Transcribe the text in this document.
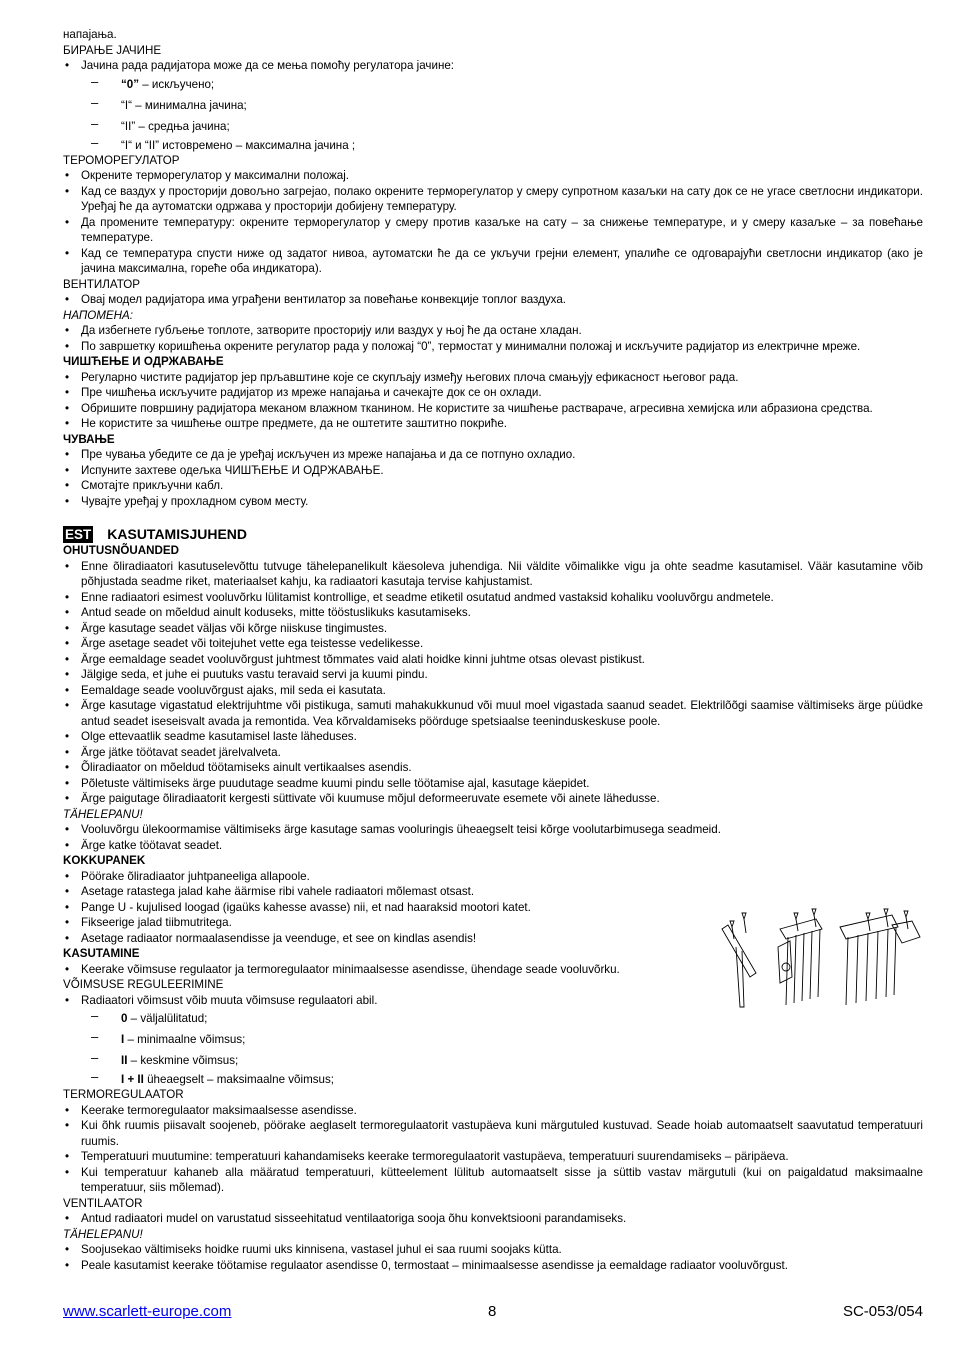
напајања.
БИРАЊЕ ЈАЧИНЕ
• Јачина рада радијатора може да се мења помоћу регулатора јачине:
– “0” – искључено;
– “I“ – минимална јачина;
– “II” – средња јачина;
– “I“ и “II” истовремено – максимална јачина ;
ТЕРОМОРЕГУЛАТОР
• Окрените терморегулатор у максимални положај.
• Кад се ваздух у просторији довољно загрејао, полако окрените терморегулатор у смеру супротном казаљки на сату док се не угасе светлосни индикатори. Уређај ће да аутоматски одржава у просторији добијену температуру.
• Да промените температуру: окрените терморегулатор у смеру против казаљке на сату – за снижење температуре, и у смеру казаљке – за повећање температуре.
• Кад се температура спусти ниже од задатог нивоа, аутоматски ће да се укључи грејни елемент, упалиће се одговарајући светлосни индикатор (ако је јачина максимална, гореће оба индикатора).
ВЕНТИЛАТОР
• Овај модел радијатора има уграђени вентилатор за повећање конвекције топлог ваздуха.
НАПОМЕНА:
• Да избегнете губљење топлоте, затворите просторију или ваздух у њој ће да остане хладан.
• По завршетку коришћења окрените регулатор рада у положај “0”, термостат у минимални положај и искључите радијатор из електричне мреже.
ЧИШЋЕЊЕ И ОДРЖАВАЊЕ
• Регуларно чистите радијатор јер прљавштине које се скупљају између његових плоча смањују ефикасност његовог рада.
• Пре чишћења искључите радијатор из мреже напајања и сачекајте док се он охлади.
• Обришите површину радијатора меканом влажном тканином. Не користите за чишћење раствараче, агресивна хемијска или абразиона средства.
• Не користите за чишћење оштре предмете, да не оштетите заштитно покриће.
ЧУВАЊЕ
• Пре чувања убедите се да је уређај искључен из мреже напајања и да се потпуно охладио.
• Испуните захтеве одељка ЧИШЋЕЊЕ И ОДРЖАВАЊЕ.
• Смотајте прикључни кабл.
• Чувајте уређај у прохладном сувом месту.
EST KASUTAMISJUHEND
OHUTUSNÕUANDED
• Enne õliradiaatori kasutuselevõttu tutvuge tähelepanelikult käesoleva juhendiga. Nii väldite võimalikke vigu ja ohte seadme kasutamisel. Väär kasutamine võib põhjustada seadme riket, materiaalset kahju, ka radiaatori kasutaja tervise kahjustamist.
• Enne radiaatori esimest vooluvõrku lülitamist kontrollige, et seadme etiketil osutatud andmed vastaksid kohaliku vooluvõrgu andmetele.
• Antud seade on mõeldud ainult koduseks, mitte tööstuslikuks kasutamiseks.
• Ärge kasutage seadet väljas või kõrge niiskuse tingimustes.
• Ärge asetage seadet või toitejuhet vette ega teistesse vedelikesse.
• Ärge eemaldage seadet vooluvõrgust juhtmest tõmmates vaid alati hoidke kinni juhtme otsas olevast pistikust.
• Jälgige seda, et juhe ei puutuks vastu teravaid servi ja kuumi pindu.
• Eemaldage seade vooluvõrgust ajaks, mil seda ei kasutata.
• Ärge kasutage vigastatud elektrijuhtme või pistikuga, samuti mahakukkunud või muul moel vigastada saanud seadet. Elektrilõõgi saamise vältimiseks ärge püüdke antud seadet iseseisvalt avada ja remontida. Vea kõrvaldamiseks pöörduge spetsiaalse teeninduskeskuse poole.
• Olge ettevaatlik seadme kasutamisel laste läheduses.
• Ärge jätke töötavat seadet järelvalveta.
• Õliradiaator on mõeldud töötamiseks ainult vertikaalses asendis.
• Põletuste vältimiseks ärge puudutage seadme kuumi pindu selle töötamise ajal, kasutage käepidet.
• Ärge paigutage õliradiaatorit kergesti süttivate või kuumuse mõjul deformeeruvate esemete või ainete lähedusse.
TÄHELEPANU!
• Vooluvõrgu ülekoormamise vältimiseks ärge kasutage samas vooluringis üheaegselt teisi kõrge voolutarbimusega seadmeid.
• Ärge katke töötavat seadet.
KOKKUPANEK
• Pöörake õliradiaator juhtpaneeliga allapoole.
• Asetage ratastega jalad kahe äärmise ribi vahele radiaatori mõlemast otsast.
• Pange U - kujulised loogad (igaüks kahesse avasse) nii, et nad haaraksid mootori katet.
• Fikseerige jalad tiibmutritega.
• Asetage radiaator normaalasendisse ja veenduge, et see on kindlas asendis!
KASUTAMINE
• Keerake võimsuse regulaator ja termoregulaator minimaalsesse asendisse, ühendage seade vooluvõrku.
VÕIMSUSE REGULEERIMINE
• Radiaatori võimsust võib muuta võimsuse regulaatori abil.
– 0 – väljalülitatud;
– I – minimaalne võimsus;
– II – keskmine võimsus;
– I + II üheaegselt – maksimaalne võimsus;
TERMOREGULAATOR
• Keerake termoregulaator maksimaalsesse asendisse.
• Kui õhk ruumis piisavalt soojeneb, pöörake aeglaselt termoregulaatorit vastupäeva kuni märgutuled kustuvad. Seade hoiab automaatselt saavutatud temperatuuri ruumis.
• Temperatuuri muutumine: temperatuuri kahandamiseks keerake termoregulaatorit vastupäeva, temperatuuri suurendamiseks – päripäeva.
• Kui temperatuur kahaneb alla määratud temperatuuri, kütteelement lülitub automaatselt sisse ja süttib vastav märgutuli (kui on paigaldatud maksimaalne temperatuur, siis mõlemad).
VENTILAATOR
• Antud radiaatori mudel on varustatud sisseehitatud ventilaatoriga sooja õhu konvektsiooni parandamiseks.
TÄHELEPANU!
• Soojusekao vältimiseks hoidke ruumi uks kinnisena, vastasel juhul ei saa ruumi soojaks kütta.
• Peale kasutamist keerake töötamise regulaator asendisse 0, termostaat – minimaalsesse asendisse ja eemaldage radiaator vooluvõrgust.
www.scarlett-europe.com	8	SC-053/054
